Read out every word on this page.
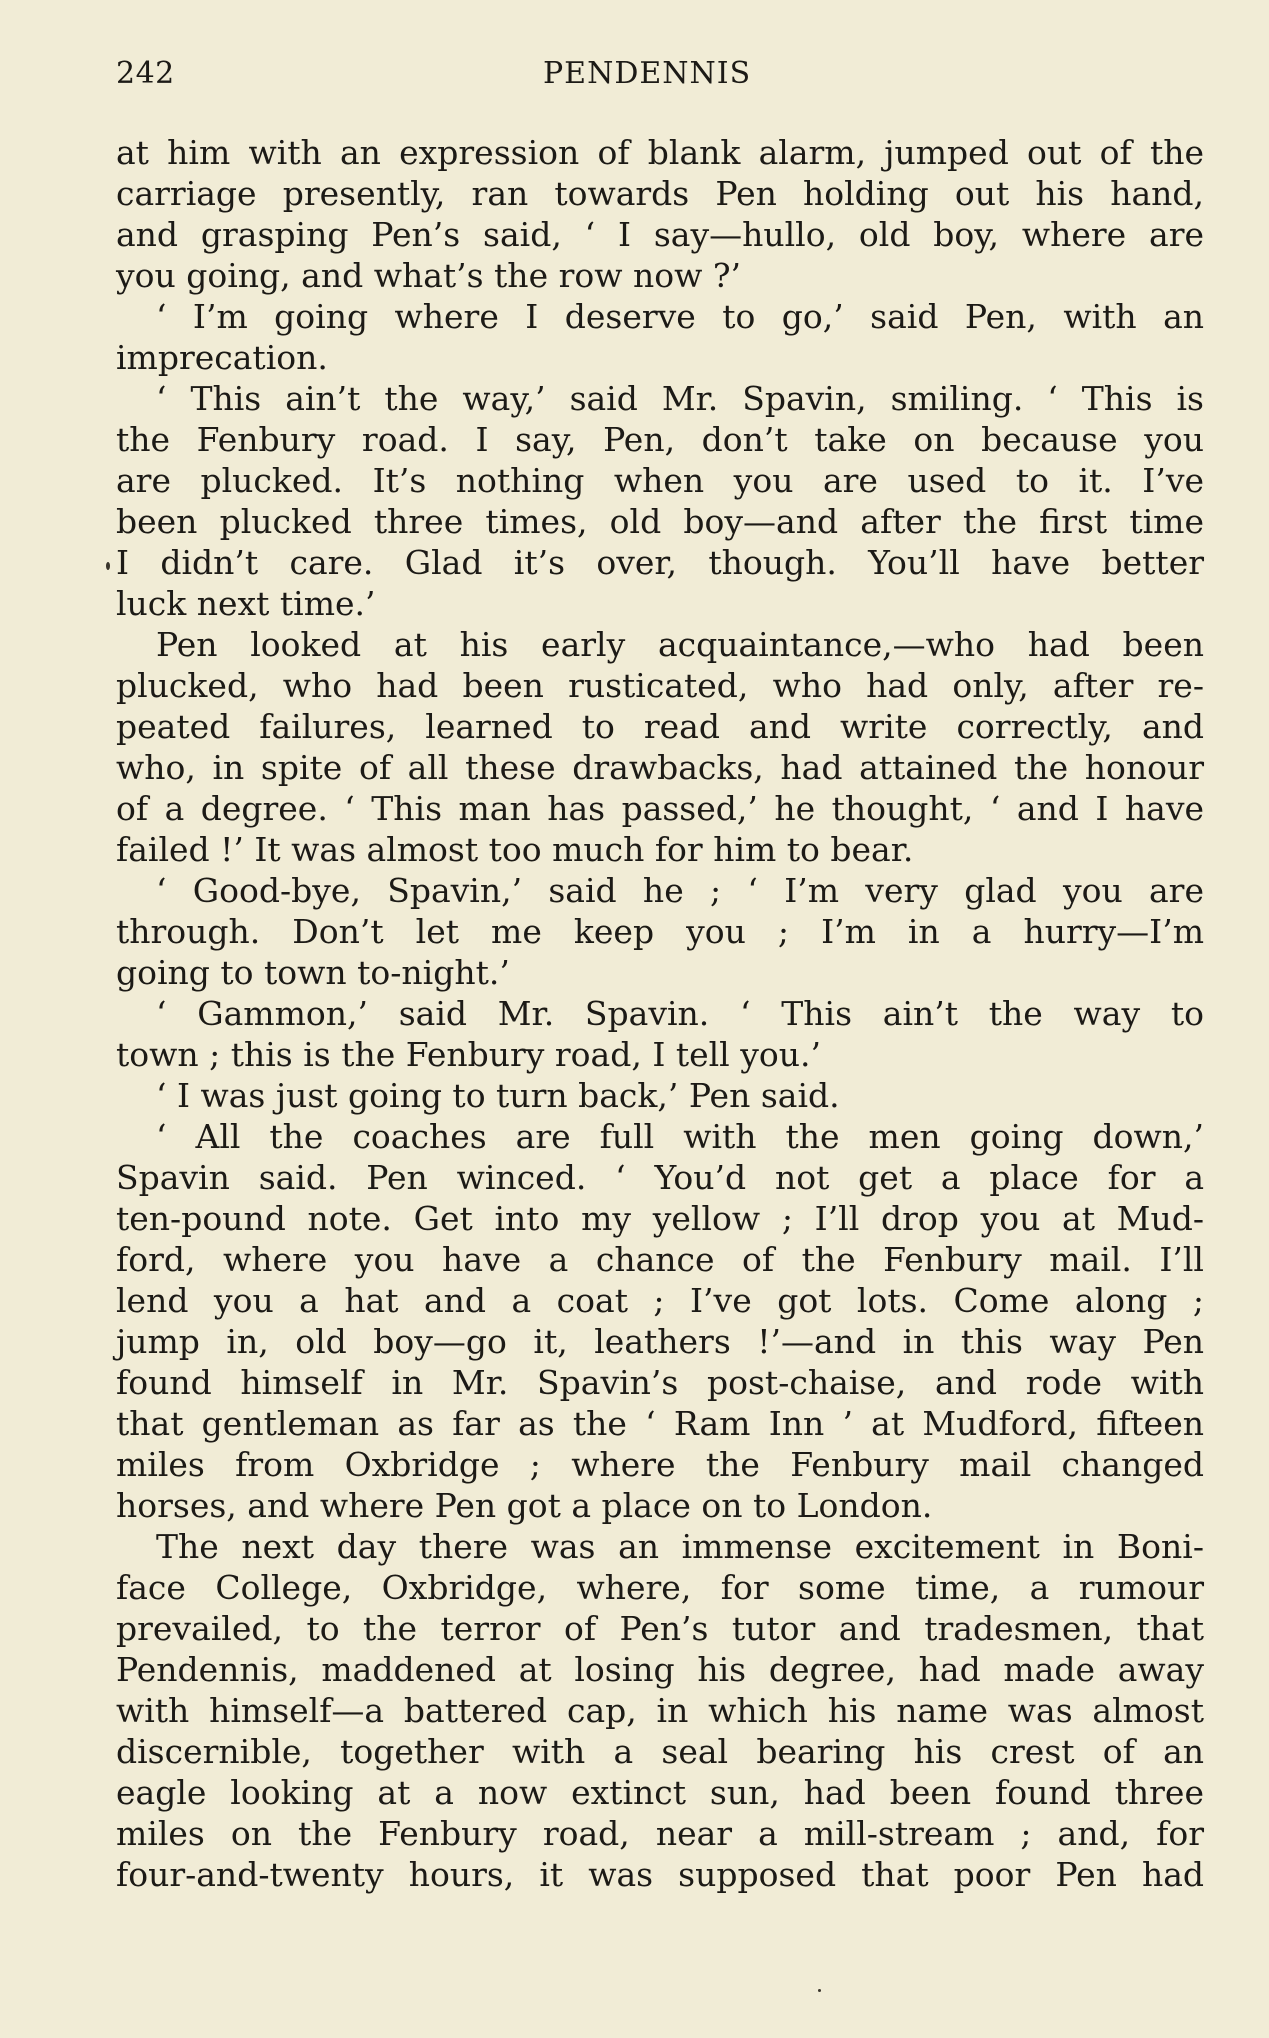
242	PENDENNIS
at him with an expression of blank alarm, jumped out of the
carriage presently, ran towards Pen holding out his hand,
and grasping Pen’s said, ‘ I say—hullo, old boy, where are
you going, and what’s the row now ?’
‘ I’m going where I deserve to go,’ said Pen, with an
imprecation.
‘ This ain’t the way,’ said Mr. Spavin, smiling. ‘ This is
the Fenbury road. I say, Pen, don’t take on because you
are plucked. It’s nothing when you are used to it. I’ve
been plucked three times, old boy—and after the first time
I didn’t care. Glad it’s over, though. You’ll have better
luck next time.’
Pen looked at his early acquaintance,—who had been
plucked, who had been rusticated, who had only, after re-
peated failures, learned to read and write correctly, and
who, in spite of all these drawbacks, had attained the honour
of a degree. ‘ This man has passed,’ he thought, ‘ and I have
failed !’ It was almost too much for him to bear.
‘ Good-bye, Spavin,’ said he ; ‘ I’m very glad you are
through. Don’t let me keep you ; I’m in a hurry—I’m
going to town to-night.’
‘ Gammon,’ said Mr. Spavin. ‘ This ain’t the way to
town ; this is the Fenbury road, I tell you.’
‘ I was just going to turn back,’ Pen said.
‘ All the coaches are full with the men going down,’
Spavin said. Pen winced. ‘ You’d not get a place for a
ten-pound note. Get into my yellow ; I’ll drop you at Mud-
ford, where you have a chance of the Fenbury mail. I’ll
lend you a hat and a coat ; I’ve got lots. Come along ;
jump in, old boy—go it, leathers !’—and in this way Pen
found himself in Mr. Spavin’s post-chaise, and rode with
that gentleman as far as the ‘ Ram Inn ’ at Mudford, fifteen
miles from Oxbridge ; where the Fenbury mail changed
horses, and where Pen got a place on to London.
The next day there was an immense excitement in Boni-
face College, Oxbridge, where, for some time, a rumour
prevailed, to the terror of Pen’s tutor and tradesmen, that
Pendennis, maddened at losing his degree, had made away
with himself—a battered cap, in which his name was almost
discernible, together with a seal bearing his crest of an
eagle looking at a now extinct sun, had been found three
miles on the Fenbury road, near a mill-stream ; and, for
four-and-twenty hours, it was supposed that poor Pen had
